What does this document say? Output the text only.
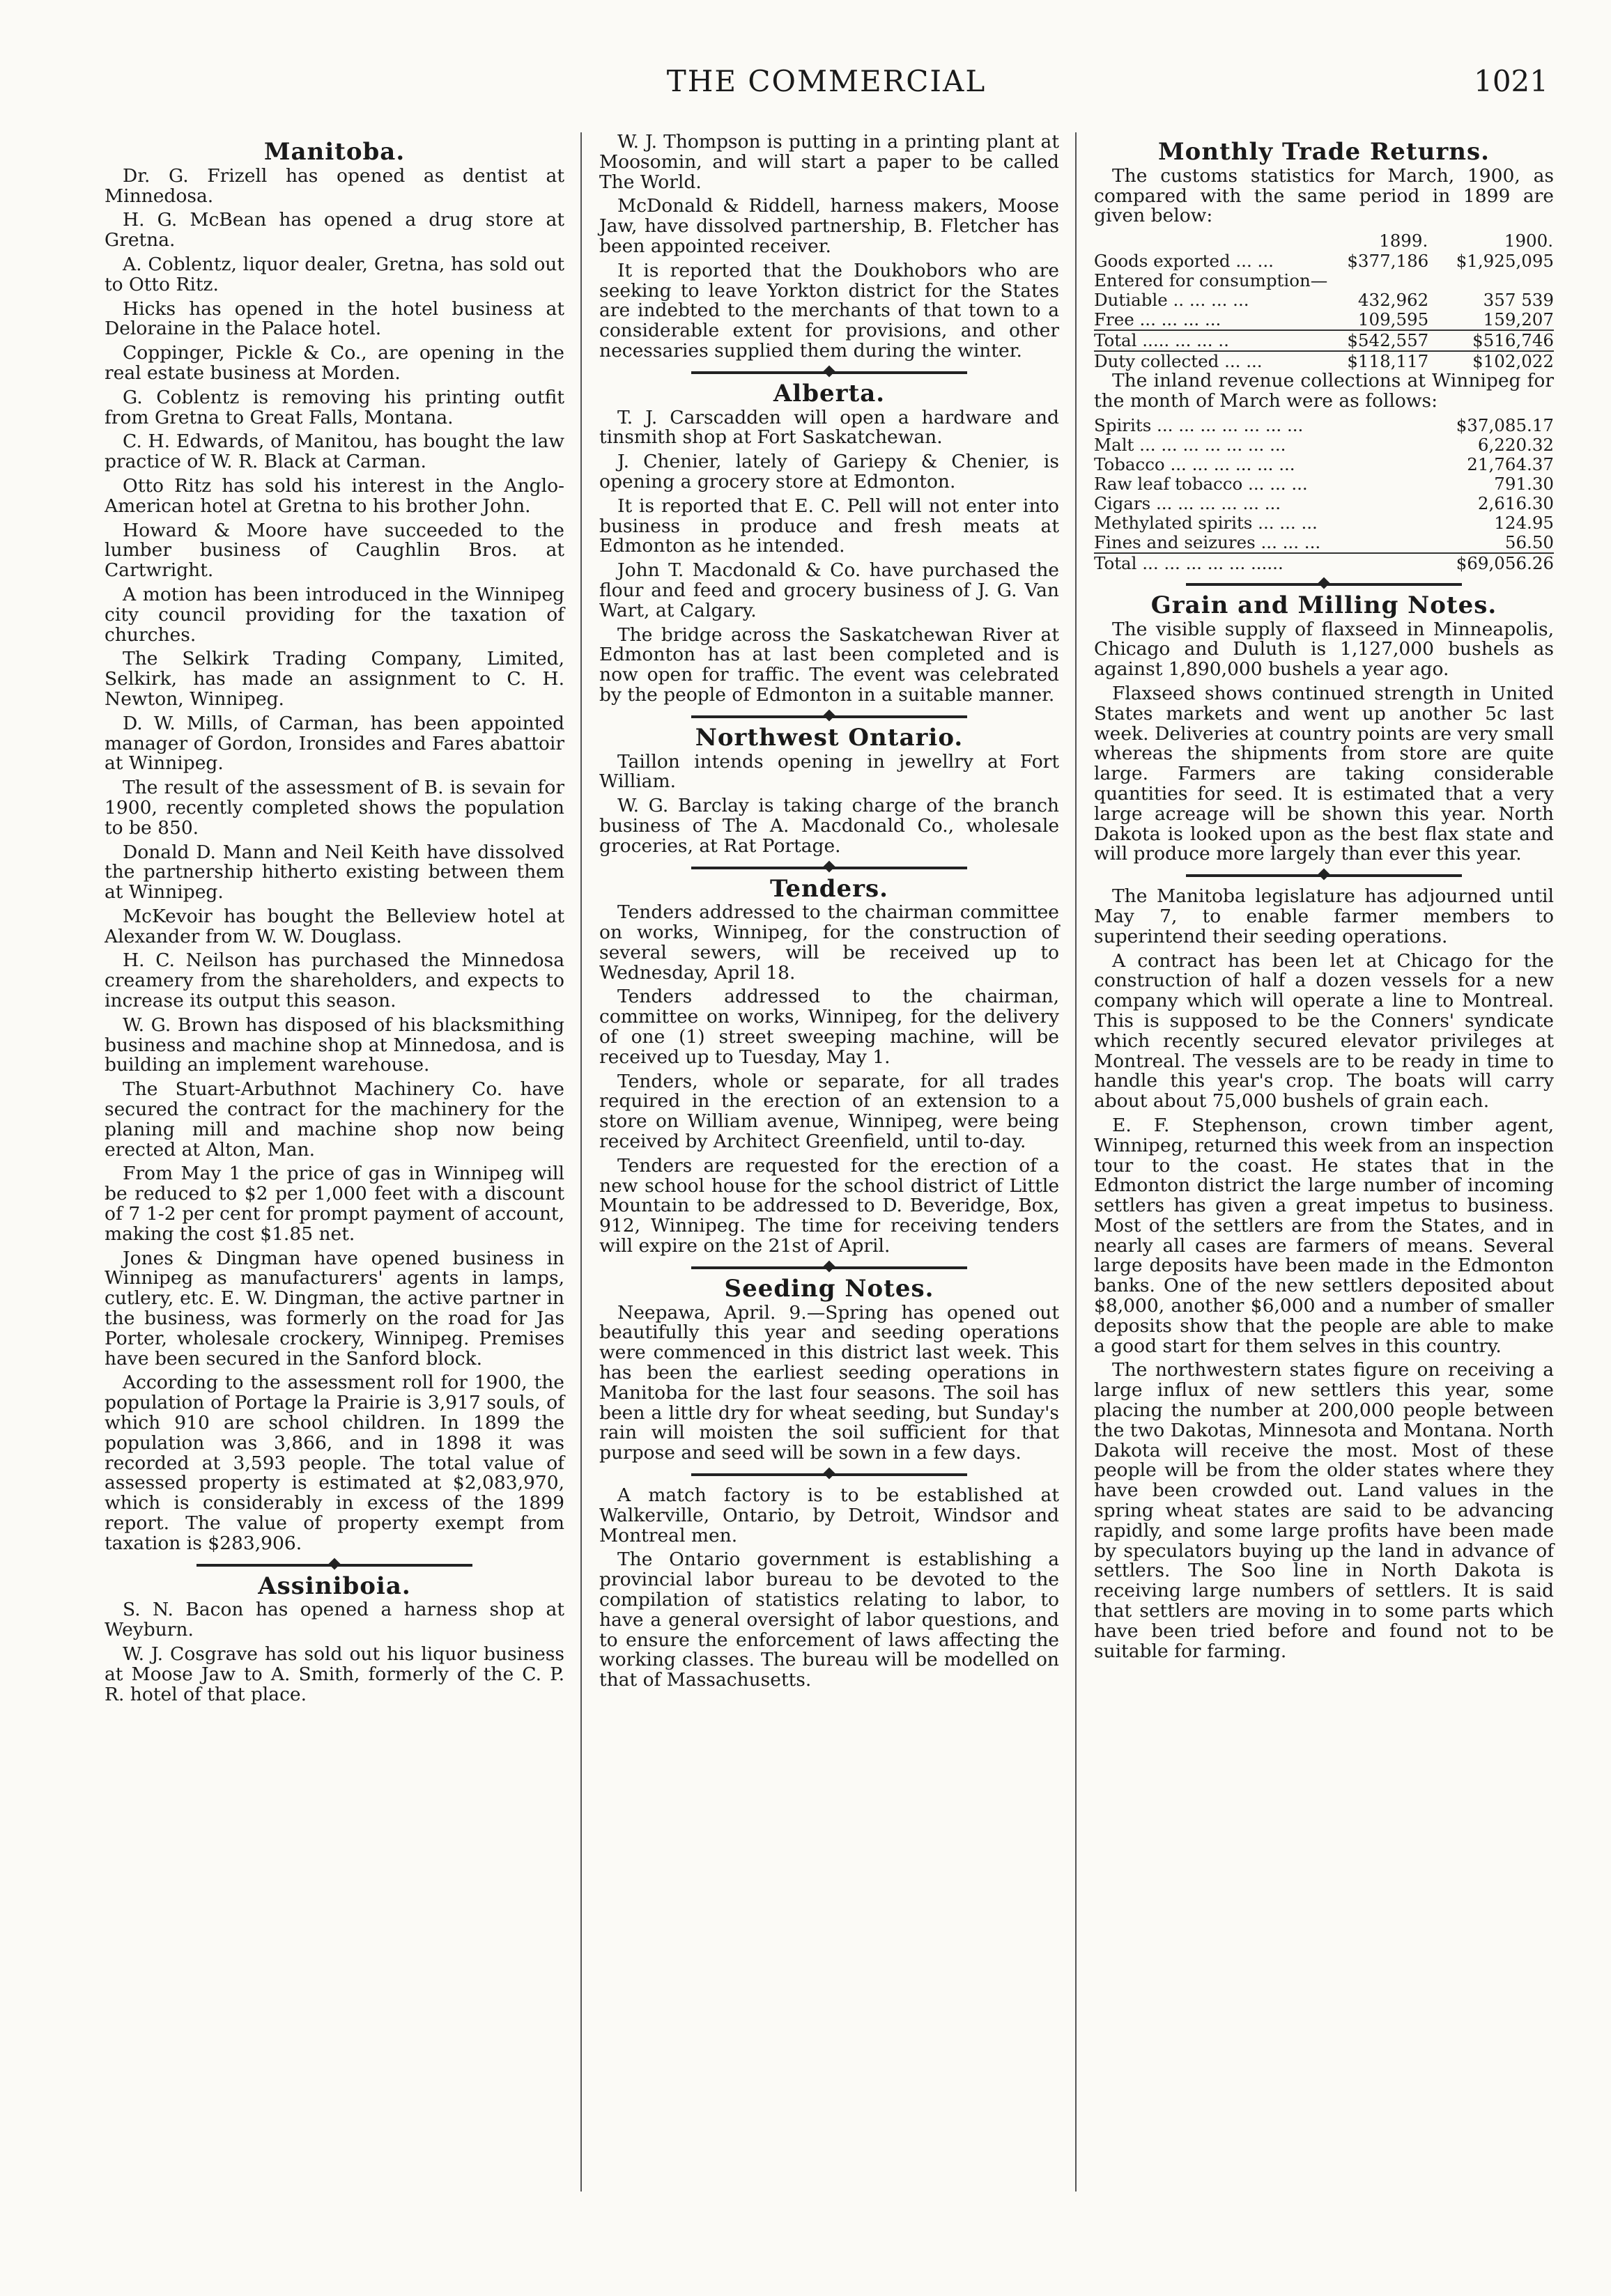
THE COMMERCIAL	1021
Manitoba.

Dr. G. Frizell has opened as dentist at Minnedosa.

H. G. McBean has opened a drug store at Gretna.

A. Coblentz, liquor dealer, Gretna, has sold out to Otto Ritz.

Hicks has opened in the hotel business at Deloraine in the Palace hotel.

Coppinger, Pickle & Co., are opening in the real estate business at Morden.

G. Coblentz is removing his printing outfit from Gretna to Great Falls, Montana.

C. H. Edwards, of Manitou, has bought the law practice of W. R. Black at Carman.

Otto Ritz has sold his interest in the Anglo-American hotel at Gretna to his brother John.

Howard & Moore have succeeded to the lumber business of Caughlin Bros. at Cartwright.

A motion has been introduced in the Winnipeg city council providing for the taxation of churches.

The Selkirk Trading Company, Limited, Selkirk, has made an assignment to C. H. Newton, Winnipeg.

D. W. Mills, of Carman, has been appointed manager of Gordon, Ironsides and Fares abattoir at Winnipeg.

The result of the assessment of B. is sevain for 1900, recently completed shows the population to be 850.

Donald D. Mann and Neil Keith have dissolved the partnership hitherto existing between them at Winnipeg.

McKevoir has bought the Belleview hotel at Alexander from W. W. Douglass.

H. C. Neilson has purchased the Minnedosa creamery from the shareholders, and expects to increase its output this season.

W. G. Brown has disposed of his blacksmithing business and machine shop at Minnedosa, and is building an implement warehouse.

The Stuart-Arbuthnot Machinery Co. have secured the contract for the machinery for the planing mill and machine shop now being erected at Alton, Man.

From May 1 the price of gas in Winnipeg will be reduced to $2 per 1,000 feet with a discount of 7 1-2 per cent for prompt payment of account, making the cost $1.85 net.

Jones & Dingman have opened business in Winnipeg as manufacturers' agents in lamps, cutlery, etc. E. W. Dingman, the active partner in the business, was formerly on the road for Jas Porter, wholesale crockery, Winnipeg. Premises have been secured in the Sanford block.

According to the assessment roll for 1900, the population of Portage la Prairie is 3,917 souls, of which 910 are school children. In 1899 the population was 3,866, and in 1898 it was recorded at 3,593 people. The total value of assessed property is estimated at $2,083,970, which is considerably in excess of the 1899 report. The value of property exempt from taxation is $283,906.

Assiniboia.

S. N. Bacon has opened a harness shop at Weyburn.

W. J. Cosgrave has sold out his liquor business at Moose Jaw to A. Smith, formerly of the C. P. R. hotel of that place.

W. J. Thompson is putting in a printing plant at Moosomin, and will start a paper to be called The World.

McDonald & Riddell, harness makers, Moose Jaw, have dissolved partnership, B. Fletcher has been appointed receiver.

It is reported that the Doukhobors who are seeking to leave Yorkton district for the States are indebted to the merchants of that town to a considerable extent for provisions, and other necessaries supplied them during the winter.

Alberta.

T. J. Carscadden will open a hardware and tinsmith shop at Fort Saskatchewan.

J. Chenier, lately of Gariepy & Chenier, is opening a grocery store at Edmonton.

It is reported that E. C. Pell will not enter into business in produce and fresh meats at Edmonton as he intended.

John T. Macdonald & Co. have purchased the flour and feed and grocery business of J. G. Van Wart, at Calgary.

The bridge across the Saskatchewan River at Edmonton has at last been completed and is now open for traffic. The event was celebrated by the people of Edmonton in a suitable manner.

Northwest Ontario.

Taillon intends opening in jewellry at Fort William.

W. G. Barclay is taking charge of the branch business of The A. Macdonald Co., wholesale groceries, at Rat Portage.

Tenders.

Tenders addressed to the chairman committee on works, Winnipeg, for the construction of several sewers, will be received up to Wednesday, April 18.

Tenders addressed to the chairman, committee on works, Winnipeg, for the delivery of one (1) street sweeping machine, will be received up to Tuesday, May 1.

Tenders, whole or separate, for all trades required in the erection of an extension to a store on William avenue, Winnipeg, were being received by Architect Greenfield, until to-day.

Tenders are requested for the erection of a new school house for the school district of Little Mountain to be addressed to D. Beveridge, Box, 912, Winnipeg. The time for receiving tenders will expire on the 21st of April.

Seeding Notes.

Neepawa, April. 9.—Spring has opened out beautifully this year and seeding operations were commenced in this district last week. This has been the earliest seeding operations in Manitoba for the last four seasons. The soil has been a little dry for wheat seeding, but Sunday's rain will moisten the soil sufficient for that purpose and seed will be sown in a few days.

A match factory is to be established at Walkerville, Ontario, by Detroit, Windsor and Montreal men.

The Ontario government is establishing a provincial labor bureau to be devoted to the compilation of statistics relating to labor, to have a general oversight of labor questions, and to ensure the enforcement of laws affecting the working classes. The bureau will be modelled on that of Massachusetts.

Monthly Trade Returns.

The customs statistics for March, 1900, as compared with the same period in 1899 are given below:

	1899.	1900.
Goods exported ... ...	$377,186	$1,925,095
Entered for consumption—		
Dutiable .. ... ... ...	432,962	357 539
Free ... ... ... ...	109,595	159,207
Total ..... ... ... ..	$542,557	$516,746
Duty collected ... ...	$118,117	$102,022

The inland revenue collections at Winnipeg for the month of March were as follows:

Spirits ... ... ... ... ... ... ...	$37,085.17
Malt ... ... ... ... ... ... ...	6,220.32
Tobacco ... ... ... ... ... ...	21,764.37
Raw leaf tobacco ... ... ...	791.30
Cigars ... ... ... ... ... ...	2,616.30
Methylated spirits ... ... ...	124.95
Fines and seizures ... ... ...	56.50
Total ... ... ... ... ... ......	$69,056.26
Grain and Milling Notes.

The visible supply of flaxseed in Minneapolis, Chicago and Duluth is 1,127,000 bushels as against 1,890,000 bushels a year ago.

Flaxseed shows continued strength in United States markets and went up another 5c last week. Deliveries at country points are very small whereas the shipments from store are quite large. Farmers are taking considerable quantities for seed. It is estimated that a very large acreage will be shown this year. North Dakota is looked upon as the best flax state and will produce more largely than ever this year.

The Manitoba legislature has adjourned until May 7, to enable farmer members to superintend their seeding operations.

A contract has been let at Chicago for the construction of half a dozen vessels for a new company which will operate a line to Montreal. This is supposed to be the Conners' syndicate which recently secured elevator privileges at Montreal. The vessels are to be ready in time to handle this year's crop. The boats will carry about about 75,000 bushels of grain each.

E. F. Stephenson, crown timber agent, Winnipeg, returned this week from an inspection tour to the coast. He states that in the Edmonton district the large number of incoming settlers has given a great impetus to business. Most of the settlers are from the States, and in nearly all cases are farmers of means. Several large deposits have been made in the Edmonton banks. One of the new settlers deposited about $8,000, another $6,000 and a number of smaller deposits show that the people are able to make a good start for them selves in this country.

The northwestern states figure on receiving a large influx of new settlers this year, some placing the number at 200,000 people between the two Dakotas, Minnesota and Montana. North Dakota will receive the most. Most of these people will be from the older states where they have been crowded out. Land values in the spring wheat states are said to be advancing rapidly, and some large profits have been made by speculators buying up the land in advance of settlers. The Soo line in North Dakota is receiving large numbers of settlers. It is said that settlers are moving in to some parts which have been tried before and found not to be suitable for farming.
